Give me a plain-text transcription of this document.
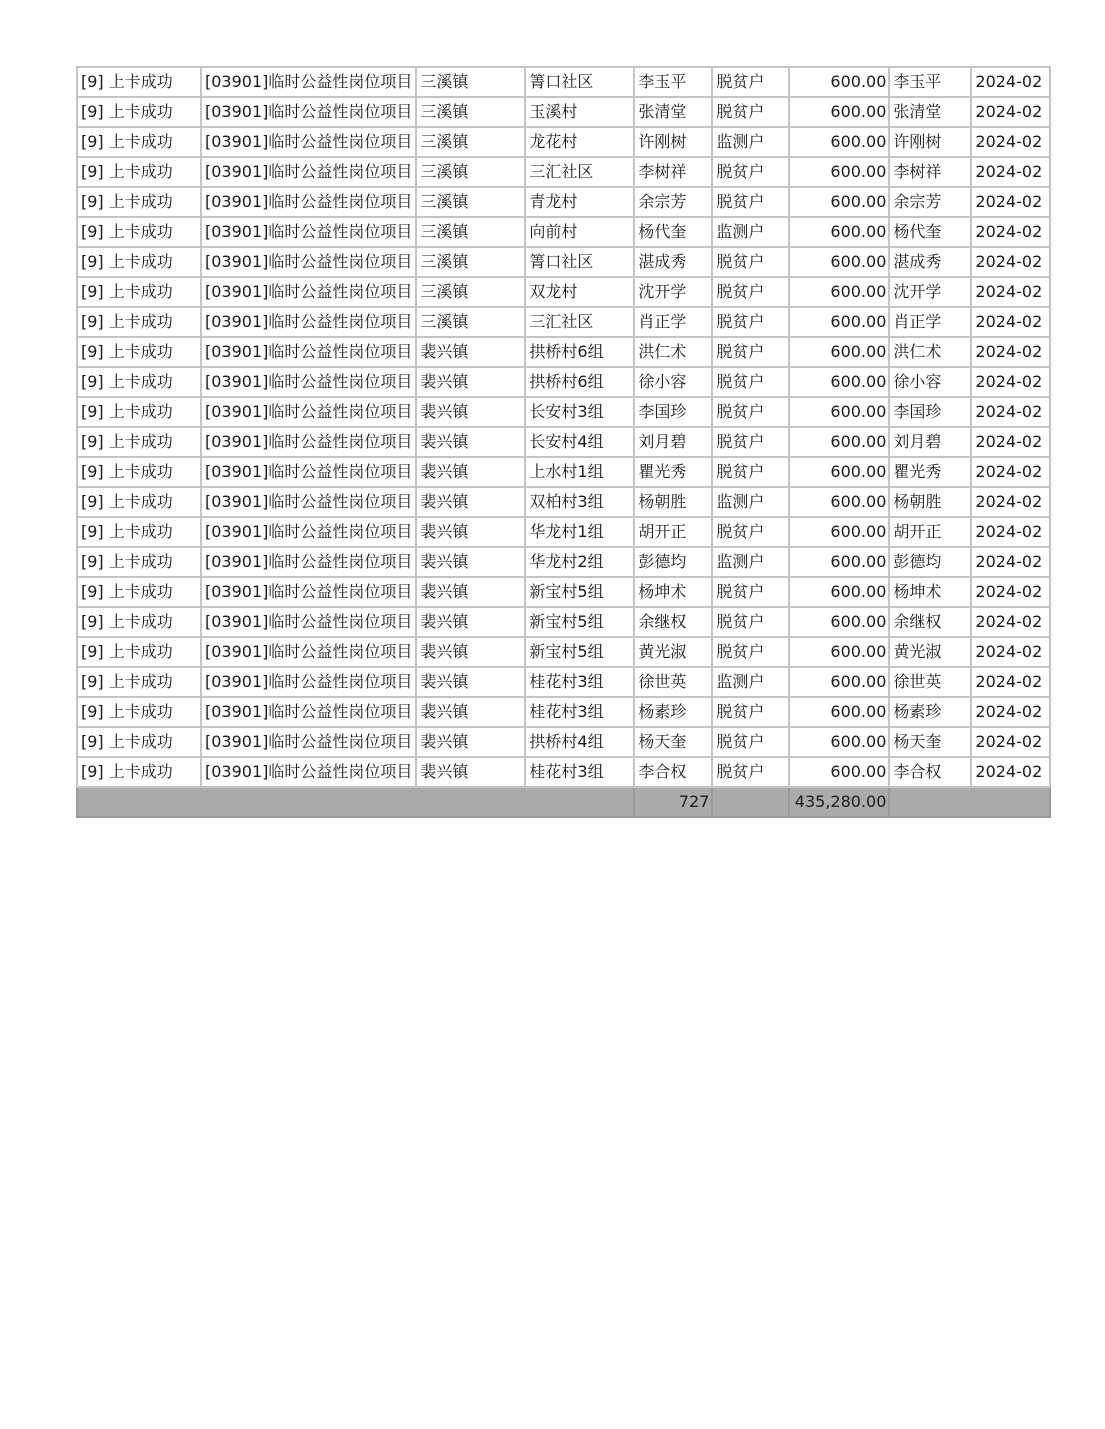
[9] 上卡成功	[03901]临时公益性岗位项目	三溪镇	箐口社区	李玉平	脱贫户	600.00	李玉平	2024-02
[9] 上卡成功	[03901]临时公益性岗位项目	三溪镇	玉溪村	张清堂	脱贫户	600.00	张清堂	2024-02
[9] 上卡成功	[03901]临时公益性岗位项目	三溪镇	龙花村	许刚树	监测户	600.00	许刚树	2024-02
[9] 上卡成功	[03901]临时公益性岗位项目	三溪镇	三汇社区	李树祥	脱贫户	600.00	李树祥	2024-02
[9] 上卡成功	[03901]临时公益性岗位项目	三溪镇	青龙村	余宗芳	脱贫户	600.00	余宗芳	2024-02
[9] 上卡成功	[03901]临时公益性岗位项目	三溪镇	向前村	杨代奎	监测户	600.00	杨代奎	2024-02
[9] 上卡成功	[03901]临时公益性岗位项目	三溪镇	箐口社区	湛成秀	脱贫户	600.00	湛成秀	2024-02
[9] 上卡成功	[03901]临时公益性岗位项目	三溪镇	双龙村	沈开学	脱贫户	600.00	沈开学	2024-02
[9] 上卡成功	[03901]临时公益性岗位项目	三溪镇	三汇社区	肖正学	脱贫户	600.00	肖正学	2024-02
[9] 上卡成功	[03901]临时公益性岗位项目	裴兴镇	拱桥村6组	洪仁术	脱贫户	600.00	洪仁术	2024-02
[9] 上卡成功	[03901]临时公益性岗位项目	裴兴镇	拱桥村6组	徐小容	脱贫户	600.00	徐小容	2024-02
[9] 上卡成功	[03901]临时公益性岗位项目	裴兴镇	长安村3组	李国珍	脱贫户	600.00	李国珍	2024-02
[9] 上卡成功	[03901]临时公益性岗位项目	裴兴镇	长安村4组	刘月碧	脱贫户	600.00	刘月碧	2024-02
[9] 上卡成功	[03901]临时公益性岗位项目	裴兴镇	上水村1组	瞿光秀	脱贫户	600.00	瞿光秀	2024-02
[9] 上卡成功	[03901]临时公益性岗位项目	裴兴镇	双柏村3组	杨朝胜	监测户	600.00	杨朝胜	2024-02
[9] 上卡成功	[03901]临时公益性岗位项目	裴兴镇	华龙村1组	胡开正	脱贫户	600.00	胡开正	2024-02
[9] 上卡成功	[03901]临时公益性岗位项目	裴兴镇	华龙村2组	彭德均	监测户	600.00	彭德均	2024-02
[9] 上卡成功	[03901]临时公益性岗位项目	裴兴镇	新宝村5组	杨坤术	脱贫户	600.00	杨坤术	2024-02
[9] 上卡成功	[03901]临时公益性岗位项目	裴兴镇	新宝村5组	余继权	脱贫户	600.00	余继权	2024-02
[9] 上卡成功	[03901]临时公益性岗位项目	裴兴镇	新宝村5组	黄光淑	脱贫户	600.00	黄光淑	2024-02
[9] 上卡成功	[03901]临时公益性岗位项目	裴兴镇	桂花村3组	徐世英	监测户	600.00	徐世英	2024-02
[9] 上卡成功	[03901]临时公益性岗位项目	裴兴镇	桂花村3组	杨素珍	脱贫户	600.00	杨素珍	2024-02
[9] 上卡成功	[03901]临时公益性岗位项目	裴兴镇	拱桥村4组	杨天奎	脱贫户	600.00	杨天奎	2024-02
[9] 上卡成功	[03901]临时公益性岗位项目	裴兴镇	桂花村3组	李合权	脱贫户	600.00	李合权	2024-02
				727		435,280.00		
